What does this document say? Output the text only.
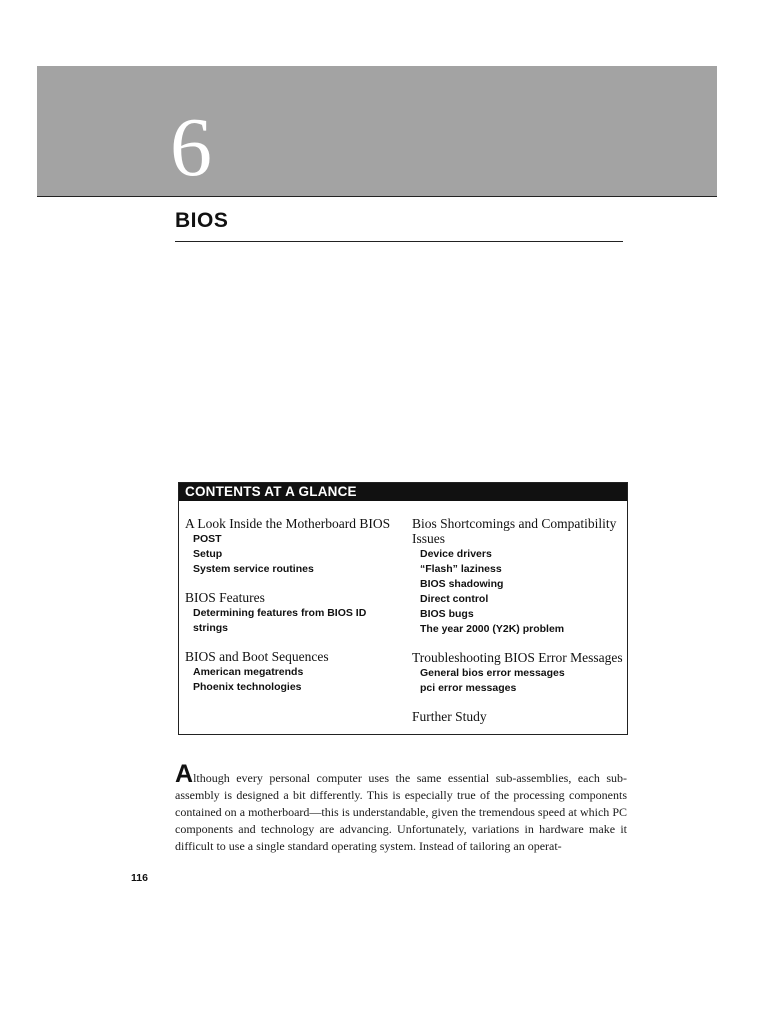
6
BIOS
CONTENTS AT A GLANCE
A Look Inside the Motherboard BIOS
POST
Setup
System service routines
BIOS Features
Determining features from BIOS ID strings
BIOS and Boot Sequences
American megatrends
Phoenix technologies
Bios Shortcomings and Compatibility Issues
Device drivers
“Flash” laziness
BIOS shadowing
Direct control
BIOS bugs
The year 2000 (Y2K) problem
Troubleshooting BIOS Error Messages
General bios error messages
pci error messages
Further Study

Although every personal computer uses the same essential sub-assemblies, each sub-assembly is designed a bit differently. This is especially true of the processing components contained on a motherboard—this is understandable, given the tremendous speed at which PC components and technology are advancing. Unfortunately, variations in hardware make it difficult to use a single standard operating system. Instead of tailoring an operat-

116
